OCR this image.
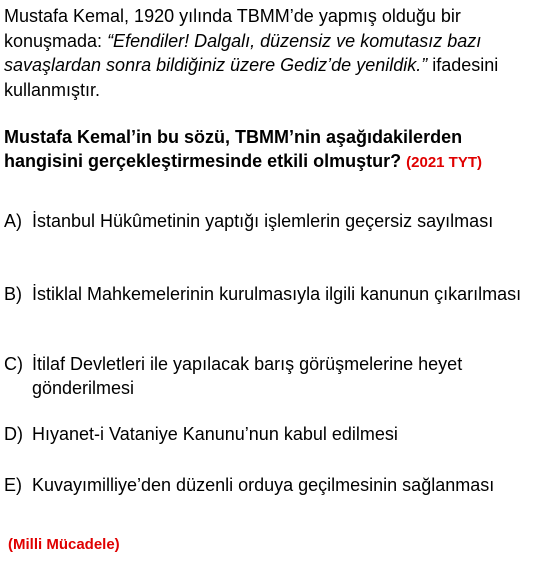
Mustafa Kemal, 1920 yılında TBMM’de yapmış olduğu bir konuşmada: “Efendiler! Dalgalı, düzensiz ve komutasız bazı savaşlardan sonra bildiğiniz üzere Gediz’de yenildik.” ifadesini kullanmıştır.
Mustafa Kemal’in bu sözü, TBMM’nin aşağıdakilerden hangisini gerçekleştirmesinde etkili olmuştur? (2021 TYT)
A) İstanbul Hükûmetinin yaptığı işlemlerin geçersiz sayılması
B) İstiklal Mahkemelerinin kurulmasıyla ilgili kanunun çıkarılması
C) İtilaf Devletleri ile yapılacak barış görüşmelerine heyet gönderilmesi
D) Hıyanet-i Vataniye Kanunu’nun kabul edilmesi
E) Kuvayımilliye’den düzenli orduya geçilmesinin sağlanması
(Milli Mücadele)
